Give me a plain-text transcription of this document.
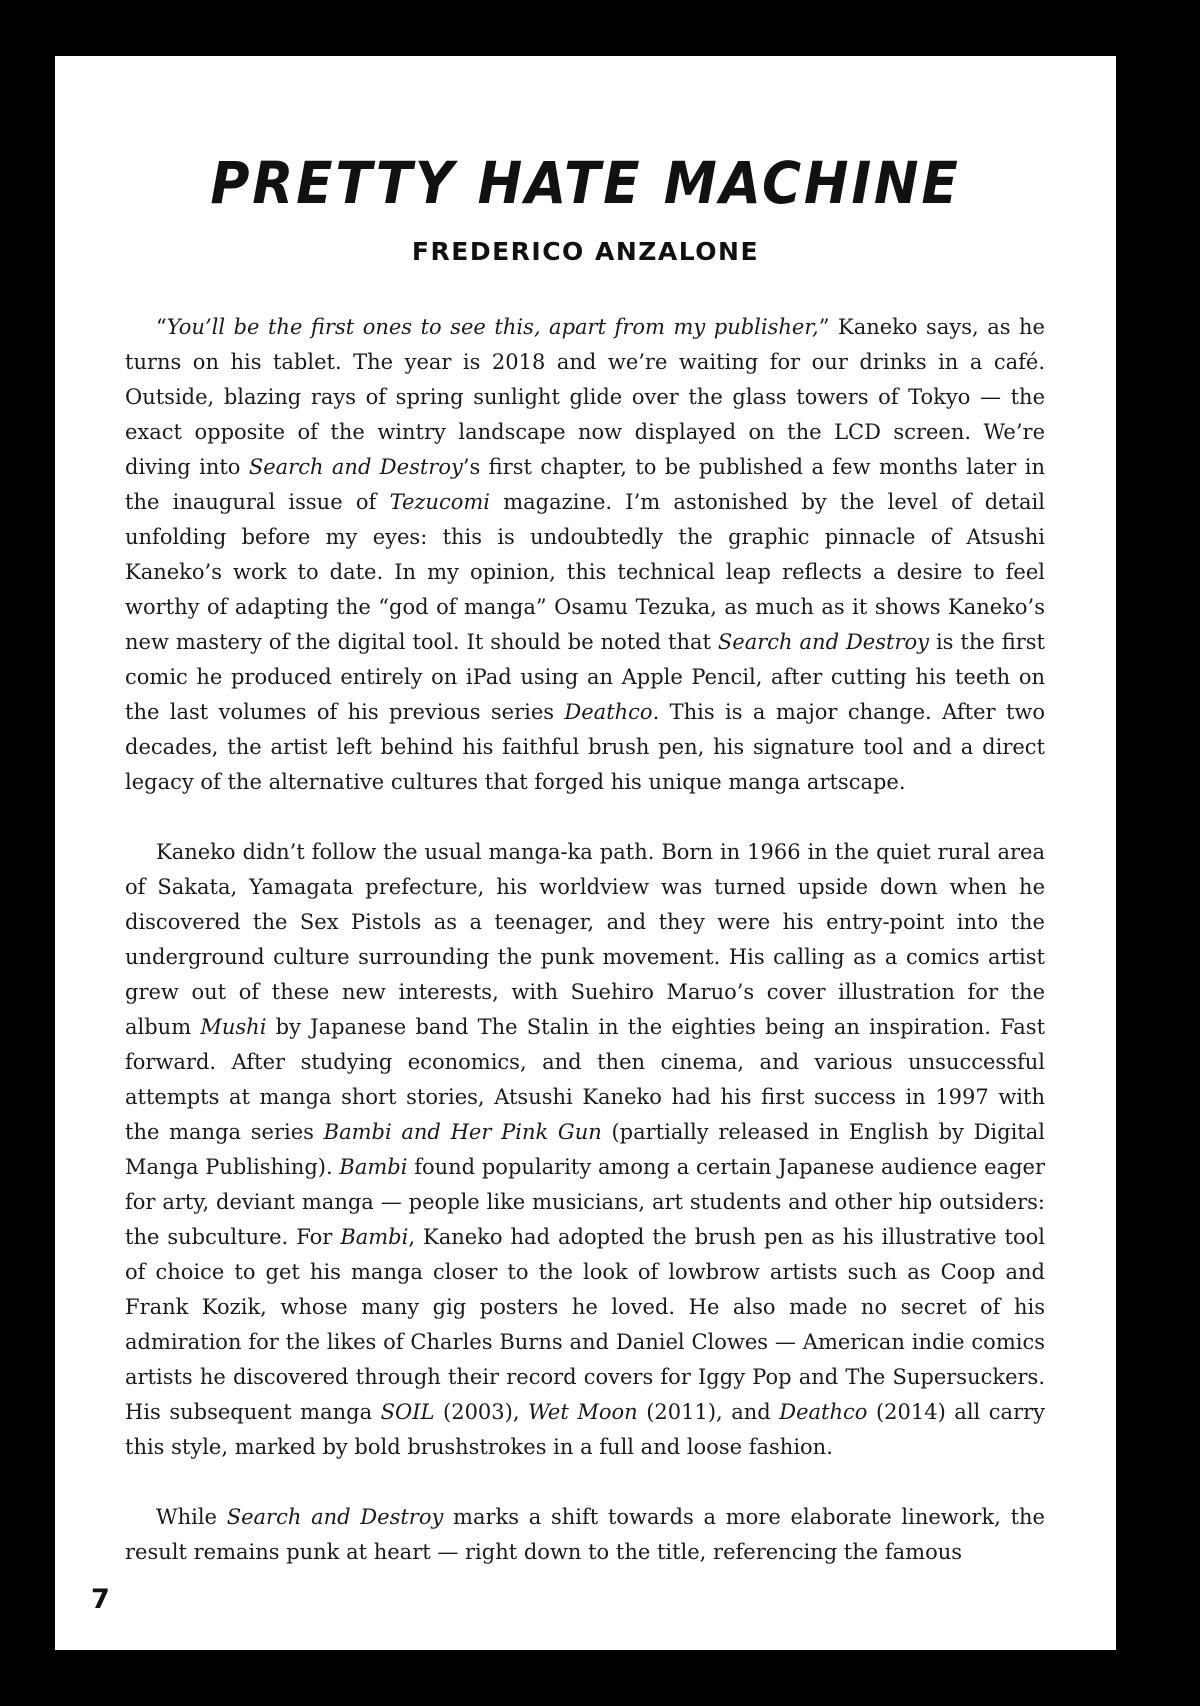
PRETTY HATE MACHINE
FREDERICO ANZALONE

“You’ll be the first ones to see this, apart from my publisher,” Kaneko says, as he turns on his tablet. The year is 2018 and we’re waiting for our drinks in a café. Outside, blazing rays of spring sunlight glide over the glass towers of Tokyo — the exact opposite of the wintry landscape now displayed on the LCD screen. We’re diving into Search and Destroy’s first chapter, to be published a few months later in the inaugural issue of Tezucomi magazine. I’m astonished by the level of detail unfolding before my eyes: this is undoubtedly the graphic pinnacle of Atsushi Kaneko’s work to date. In my opinion, this technical leap reflects a desire to feel worthy of adapting the “god of manga” Osamu Tezuka, as much as it shows Kaneko’s new mastery of the digital tool. It should be noted that Search and Destroy is the first comic he produced entirely on iPad using an Apple Pencil, after cutting his teeth on the last volumes of his previous series Deathco. This is a major change. After two decades, the artist left behind his faithful brush pen, his signature tool and a direct legacy of the alternative cultures that forged his unique manga artscape.

Kaneko didn’t follow the usual manga-ka path. Born in 1966 in the quiet rural area of Sakata, Yamagata prefecture, his worldview was turned upside down when he discovered the Sex Pistols as a teenager, and they were his entry-point into the underground culture surrounding the punk movement. His calling as a comics artist grew out of these new interests, with Suehiro Maruo’s cover illustration for the album Mushi by Japanese band The Stalin in the eighties being an inspiration. Fast forward. After studying economics, and then cinema, and various unsuccessful attempts at manga short stories, Atsushi Kaneko had his first success in 1997 with the manga series Bambi and Her Pink Gun (partially released in English by Digital Manga Publishing). Bambi found popularity among a certain Japanese audience eager for arty, deviant manga — people like musicians, art students and other hip outsiders: the subculture. For Bambi, Kaneko had adopted the brush pen as his illustrative tool of choice to get his manga closer to the look of lowbrow artists such as Coop and Frank Kozik, whose many gig posters he loved. He also made no secret of his admiration for the likes of Charles Burns and Daniel Clowes — American indie comics artists he discovered through their record covers for Iggy Pop and The Supersuckers. His subsequent manga SOIL (2003), Wet Moon (2011), and Deathco (2014) all carry this style, marked by bold brushstrokes in a full and loose fashion.

While Search and Destroy marks a shift towards a more elaborate linework, the result remains punk at heart — right down to the title, referencing the famous

7
